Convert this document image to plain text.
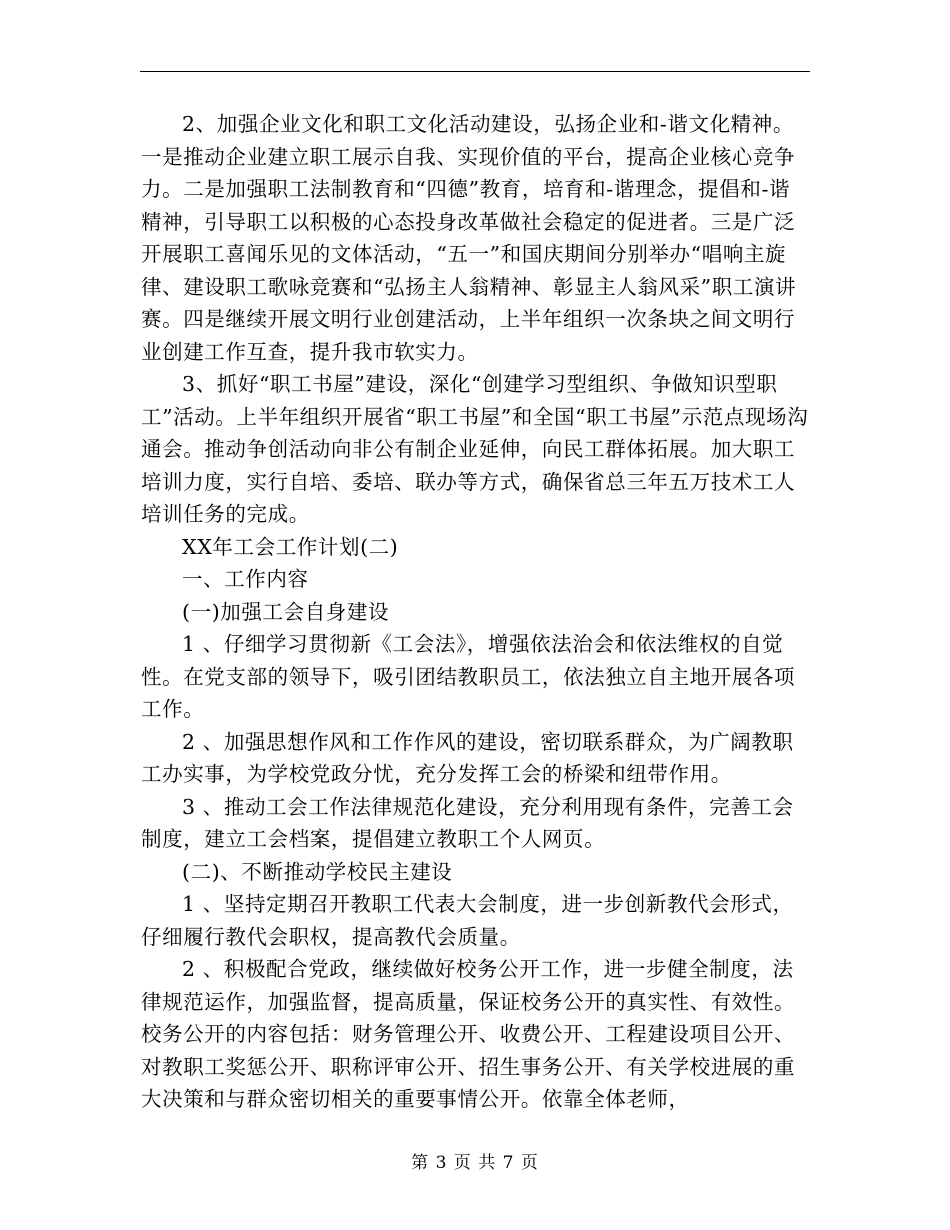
2、加强企业文化和职工文化活动建设，弘扬企业和-谐文化精神。一是推动企业建立职工展示自我、实现价值的平台，提高企业核心竞争力。二是加强职工法制教育和“四德”教育，培育和-谐理念，提倡和-谐精神，引导职工以积极的心态投身改革做社会稳定的促进者。三是广泛开展职工喜闻乐见的文体活动，“五一”和国庆期间分别举办“唱响主旋律、建设职工歌咏竞赛和“弘扬主人翁精神、彰显主人翁风采”职工演讲赛。四是继续开展文明行业创建活动，上半年组织一次条块之间文明行业创建工作互查，提升我市软实力。

3、抓好“职工书屋”建设，深化“创建学习型组织、争做知识型职工”活动。上半年组织开展省“职工书屋”和全国“职工书屋”示范点现场沟通会。推动争创活动向非公有制企业延伸，向民工群体拓展。加大职工培训力度，实行自培、委培、联办等方式，确保省总三年五万技术工人培训任务的完成。

XX年工会工作计划(二)

一、工作内容

(一)加强工会自身建设

1 、仔细学习贯彻新《工会法》，增强依法治会和依法维权的自觉性。在党支部的领导下，吸引团结教职员工，依法独立自主地开展各项工作。

2 、加强思想作风和工作作风的建设，密切联系群众，为广阔教职工办实事，为学校党政分忧，充分发挥工会的桥梁和纽带作用。

3 、推动工会工作法律规范化建设，充分利用现有条件，完善工会制度，建立工会档案，提倡建立教职工个人网页。

(二)、不断推动学校民主建设

1 、坚持定期召开教职工代表大会制度，进一步创新教代会形式，仔细履行教代会职权，提高教代会质量。

2 、积极配合党政，继续做好校务公开工作，进一步健全制度，法律规范运作，加强监督，提高质量，保证校务公开的真实性、有效性。校务公开的内容包括：财务管理公开、收费公开、工程建设项目公开、对教职工奖惩公开、职称评审公开、招生事务公开、有关学校进展的重大决策和与群众密切相关的重要事情公开。依靠全体老师，

第 3 页 共 7 页
